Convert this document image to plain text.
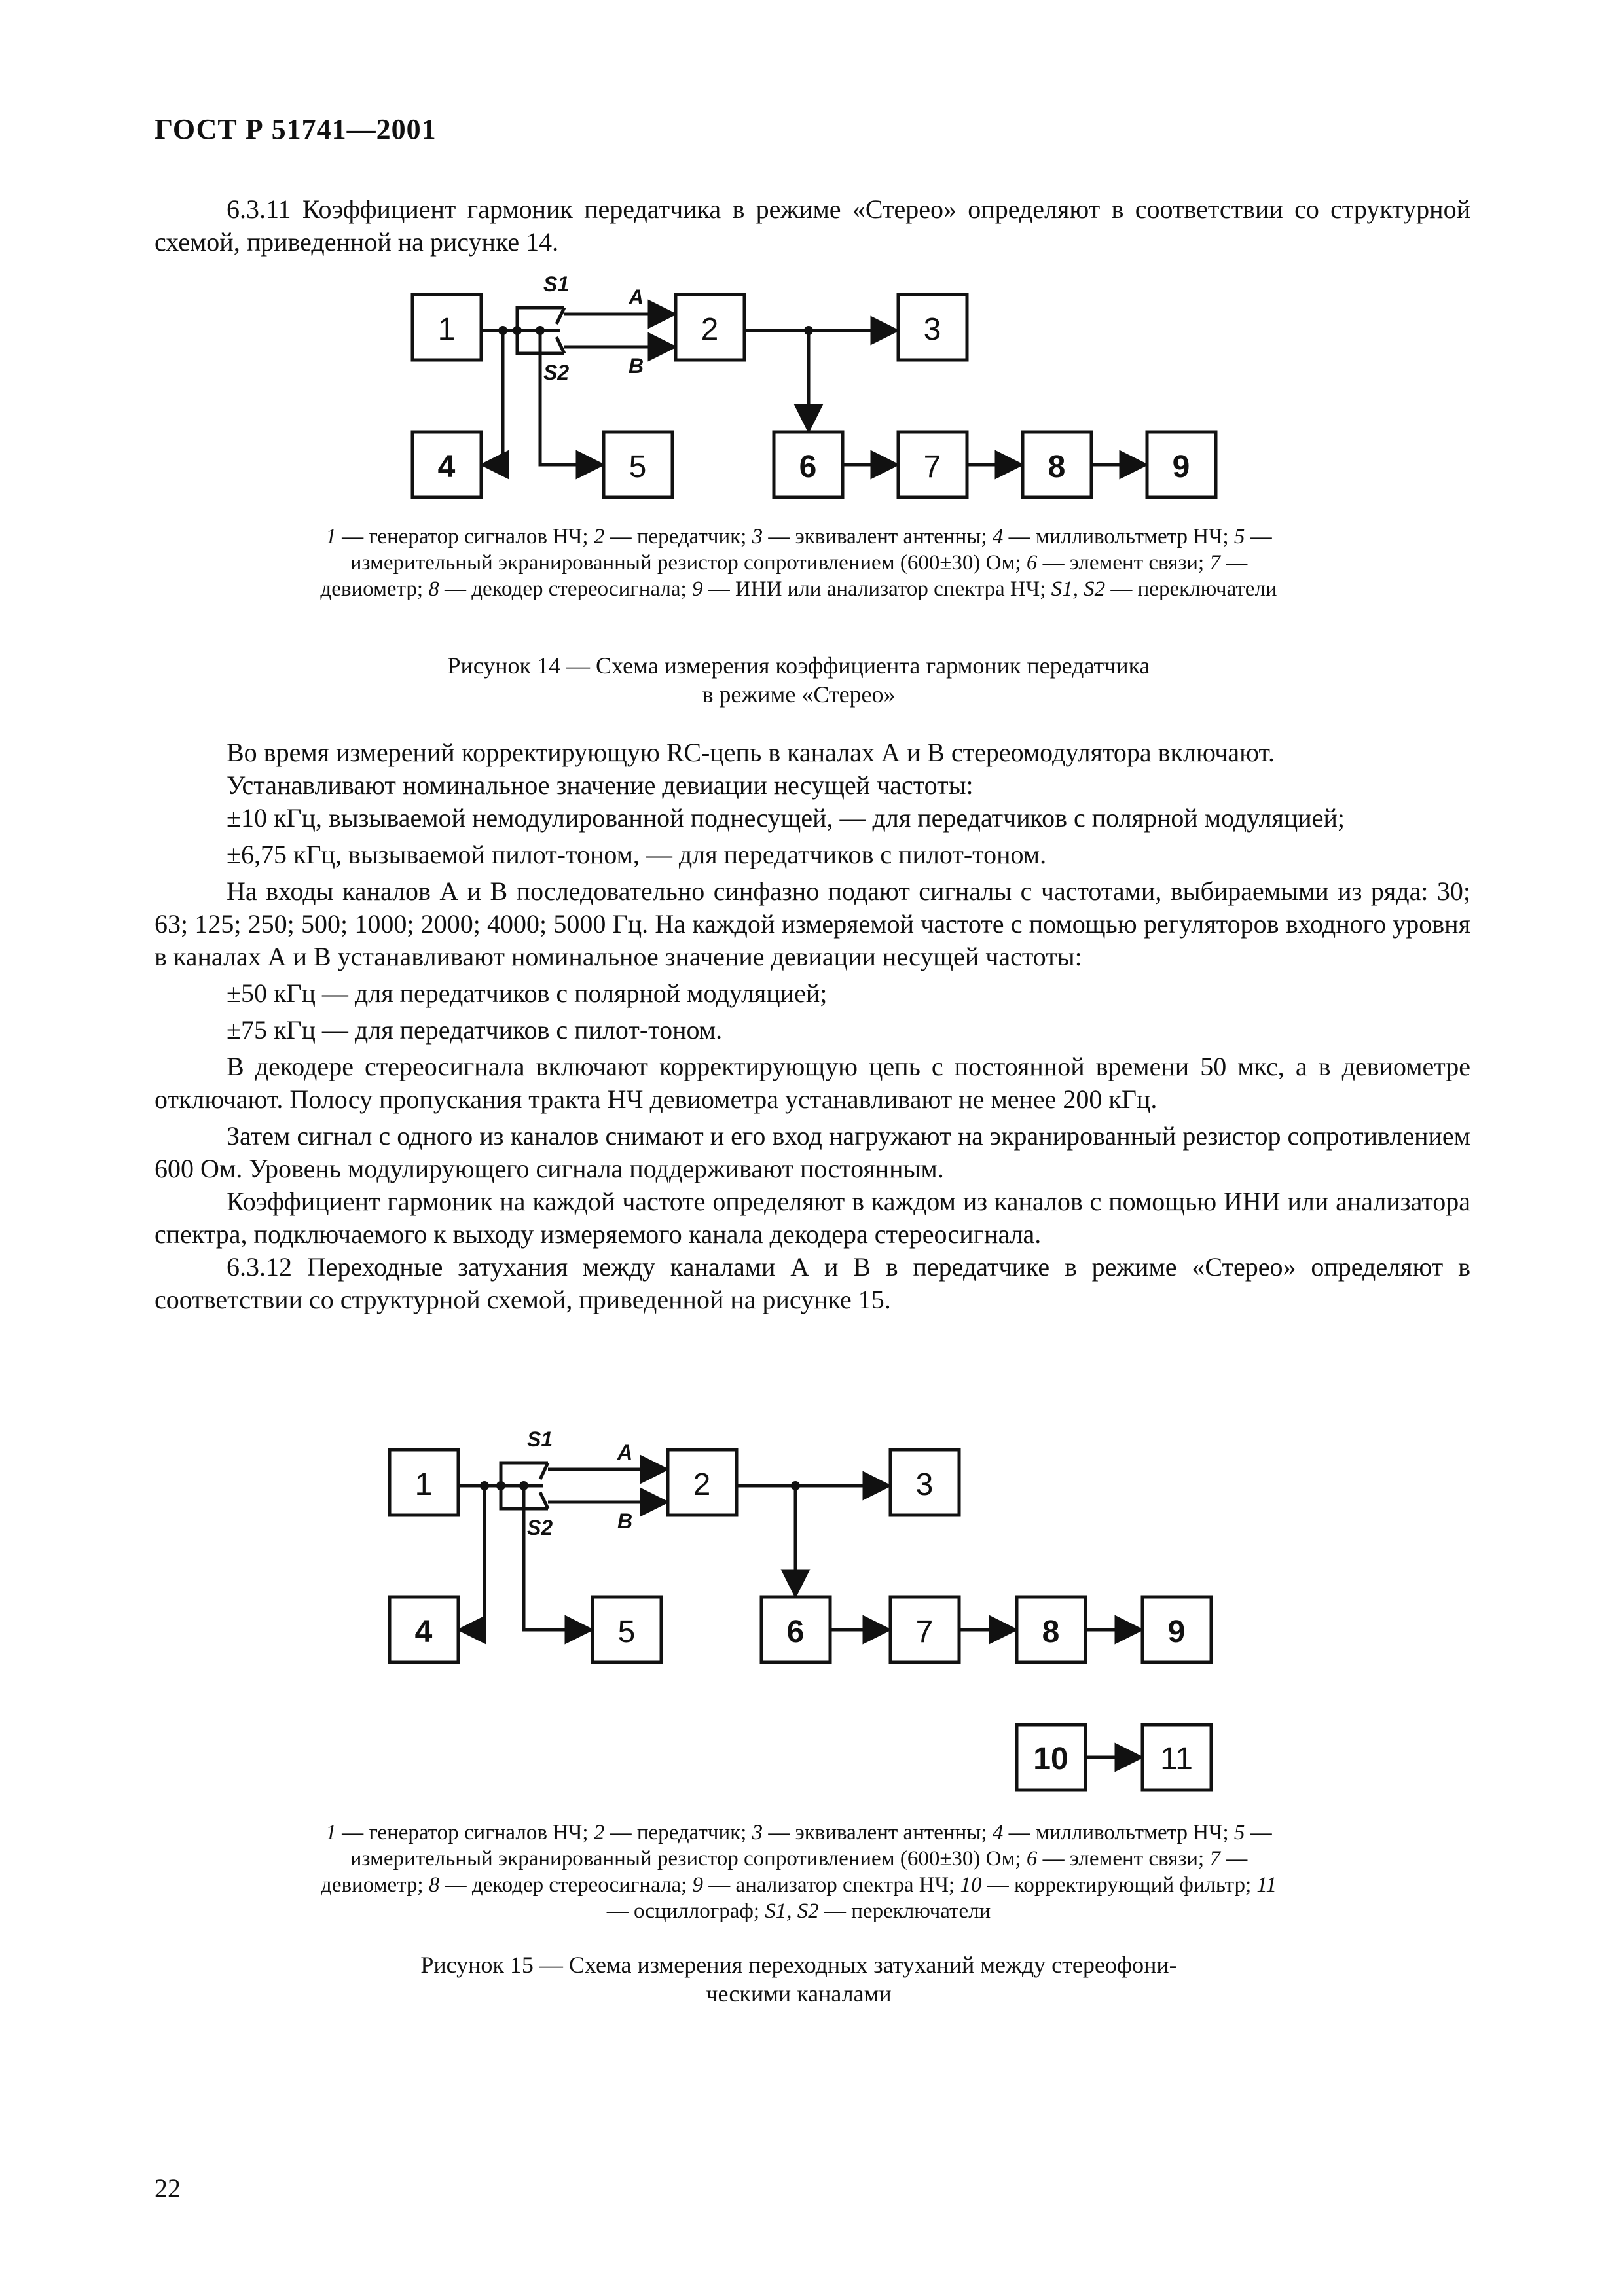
ГОСТ Р 51741—2001

6.3.11 Коэффициент гармоник передатчика в режиме «Стерео» определяют в соответствии со структурной схемой, приведенной на рисунке 14.

1	2	3
4	5	6	7	8	9
S1
S2
A
B
1 — генератор сигналов НЧ; 2 — передатчик; 3 — эквивалент антенны; 4 — милливольтметр НЧ; 5 — измерительный экранированный резистор сопротивлением (600±30) Ом; 6 — элемент связи; 7 — девиометр; 8 — декодер стереосигнала; 9 — ИНИ или анализатор спектра НЧ; S1, S2 — переключатели
Рисунок 14 — Схема измерения коэффициента гармоник передатчика
в режиме «Стерео»

Во время измерений корректирующую RC-цепь в каналах А и В стереомодулятора включают.

Устанавливают номинальное значение девиации несущей частоты:

±10 кГц, вызываемой немодулированной поднесущей, — для передатчиков с полярной модуляцией;

±6,75 кГц, вызываемой пилот-тоном, — для передатчиков с пилот-тоном.

На входы каналов А и В последовательно синфазно подают сигналы с частотами, выбираемыми из ряда: 30; 63; 125; 250; 500; 1000; 2000; 4000; 5000 Гц. На каждой измеряемой частоте с помощью регуляторов входного уровня в каналах А и В устанавливают номинальное значение девиации несущей частоты:

±50 кГц — для передатчиков с полярной модуляцией;

±75 кГц — для передатчиков с пилот-тоном.

В декодере стереосигнала включают корректирующую цепь с постоянной времени 50 мкс, а в девиометре отключают. Полосу пропускания тракта НЧ девиометра устанавливают не менее 200 кГц.

Затем сигнал с одного из каналов снимают и его вход нагружают на экранированный резистор сопротивлением 600 Ом. Уровень модулирующего сигнала поддерживают постоянным.

Коэффициент гармоник на каждой частоте определяют в каждом из каналов с помощью ИНИ или анализатора спектра, подключаемого к выходу измеряемого канала декодера стереосигнала.

6.3.12 Переходные затухания между каналами А и В в передатчике в режиме «Стерео» определяют в соответствии со структурной схемой, приведенной на рисунке 15.

1	2	3
4	5	6	7	8	9
10	11
S1
S2
A
B
1 — генератор сигналов НЧ; 2 — передатчик; 3 — эквивалент антенны; 4 — милливольтметр НЧ; 5 — измерительный экранированный резистор сопротивлением (600±30) Ом; 6 — элемент связи; 7 — девиометр; 8 — декодер стереосигнала; 9 — анализатор спектра НЧ; 10 — корректирующий фильтр; 11 — осциллограф; S1, S2 — переключатели
Рисунок 15 — Схема измерения переходных затуханий между стереофони-
ческими каналами
22
